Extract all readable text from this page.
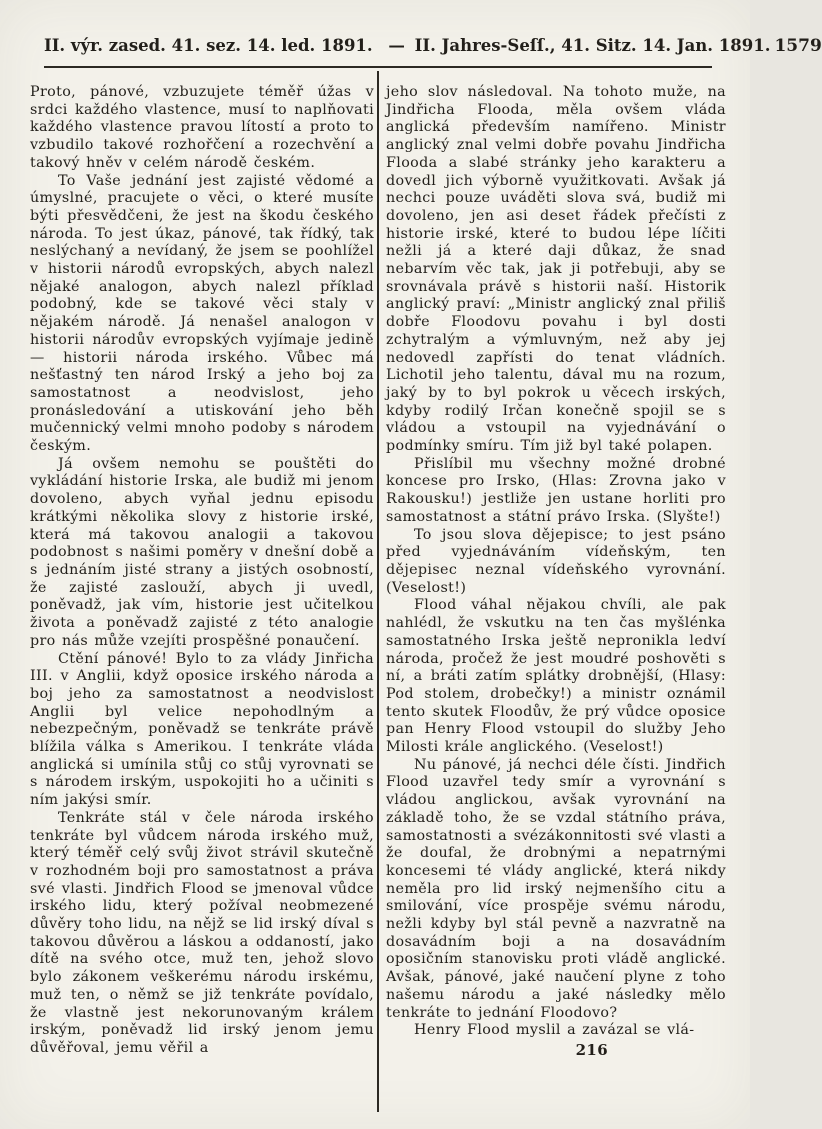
II. výr. zased. 41. sez. 14. led. 1891. — II. Jahres-Seſſ., 41. Sitz. 14. Jan. 1891. 1579

Proto, pánové, vzbuzujete téměř úžas v srdci každého vlastence, musí to naplňovati každého vlastence pravou lítostí a proto to vzbudilo takové rozhořčení a rozechvění a takový hněv v celém národě českém.

To Vaše jednání jest zajisté vědomé a úmyslné, pracujete o věci, o které musíte býti přesvědčeni, že jest na škodu českého národa. To jest úkaz, pánové, tak řídký, tak neslýchaný a nevídaný, že jsem se poohlížel v historii národů evropských, abych nalezl nějaké analogon, abych nalezl příklad podobný, kde se takové věci staly v nějakém národě. Já nenašel analogon v historii národův evropských vyjímaje jedině — historii národa irského. Vůbec má nešťastný ten národ Irský a jeho boj za samostatnost a neodvislost, jeho pronásledování a utiskování jeho běh mučennický velmi mnoho podoby s národem českým.

Já ovšem nemohu se pouštěti do vykládání historie Irska, ale budiž mi jenom dovoleno, abych vyňal jednu episodu krátkými několika slovy z historie irské, která má takovou analogii a takovou podobnost s našimi poměry v dnešní době a s jednáním jisté strany a jistých osobností, že zajisté zaslouží, abych ji uvedl, poněvadž, jak vím, historie jest učitelkou života a poněvadž zajisté z této analogie pro nás může vzejíti prospěšné ponaučení.

Ctění pánové! Bylo to za vlády Jinřicha III. v Anglii, když oposice irského národa a boj jeho za samostatnost a neodvislost Anglii byl velice nepohodlným a nebezpečným, poněvadž se tenkráte právě blížila válka s Amerikou. I tenkráte vláda anglická si umínila stůj co stůj vyrovnati se s národem irským, uspokojiti ho a učiniti s ním jakýsi smír.

Tenkráte stál v čele národa irského tenkráte byl vůdcem národa irského muž, který téměř celý svůj život strávil skutečně v rozhodném boji pro samostatnost a práva své vlasti. Jindřich Flood se jmenoval vůdce irského lidu, který požíval neobmezené důvěry toho lidu, na nějž se lid irský díval s takovou důvěrou a láskou a oddaností, jako dítě na svého otce, muž ten, jehož slovo bylo zákonem veškerému národu irskému, muž ten, o němž se již tenkráte povídalo, že vlastně jest nekorunovaným králem irským, poněvadž lid irský jenom jemu důvěřoval, jemu věřil a

jeho slov následoval. Na tohoto muže, na Jindřicha Flooda, měla ovšem vláda anglická především namířeno. Ministr anglický znal velmi dobře povahu Jindřicha Flooda a slabé stránky jeho karakteru a dovedl jich výborně využitkovati. Avšak já nechci pouze uváděti slova svá, budiž mi dovoleno, jen asi deset řádek přečísti z historie irské, které to budou lépe líčiti nežli já a které daji důkaz, že snad nebarvím věc tak, jak ji potřebuji, aby se srovnávala právě s historii naší. Historik anglický praví: „Ministr anglický znal přiliš dobře Floodovu povahu i byl dosti zchytralým a výmluvným, než aby jej nedovedl zapřísti do tenat vládních. Lichotil jeho talentu, dával mu na rozum, jaký by to byl pokrok u věcech irských, kdyby rodilý Irčan konečně spojil se s vládou a vstoupil na vyjednávání o podmínky smíru. Tím již byl také polapen.

Přislíbil mu všechny možné drobné koncese pro Irsko, (Hlas: Zrovna jako v Rakousku!) jestliže jen ustane horliti pro samostatnost a státní právo Irska. (Slyšte!)

To jsou slova dějepisce; to jest psáno před vyjednáváním vídeňským, ten dějepisec neznal vídeňského vyrovnání. (Veselost!)

Flood váhal nějakou chvíli, ale pak nahlédl, že vskutku na ten čas myšlénka samostatného Irska ještě nepronikla ledví národa, pročež že jest moudré poshověti s ní, a bráti zatím splátky drobnější, (Hlasy: Pod stolem, drobečky!) a ministr oznámil tento skutek Floodův, že prý vůdce oposice pan Henry Flood vstoupil do služby Jeho Milosti krále anglického. (Veselost!)

Nu pánové, já nechci déle čísti. Jindřich Flood uzavřel tedy smír a vyrovnání s vládou anglickou, avšak vyrovnání na základě toho, že se vzdal státního práva, samostatnosti a svézákonnitosti své vlasti a že doufal, že drobnými a nepatrnými koncesemi té vlády anglické, která nikdy neměla pro lid irský nejmenšího citu a smilování, více prospěje svému národu, nežli kdyby byl stál pevně a nazvratně na dosavádním boji a na dosavádním oposičním stanovisku proti vládě anglické. Avšak, pánové, jaké naučení plyne z toho našemu národu a jaké následky mělo tenkráte to jednání Floodovo?

Henry Flood myslil a zavázal se vlá-

216
